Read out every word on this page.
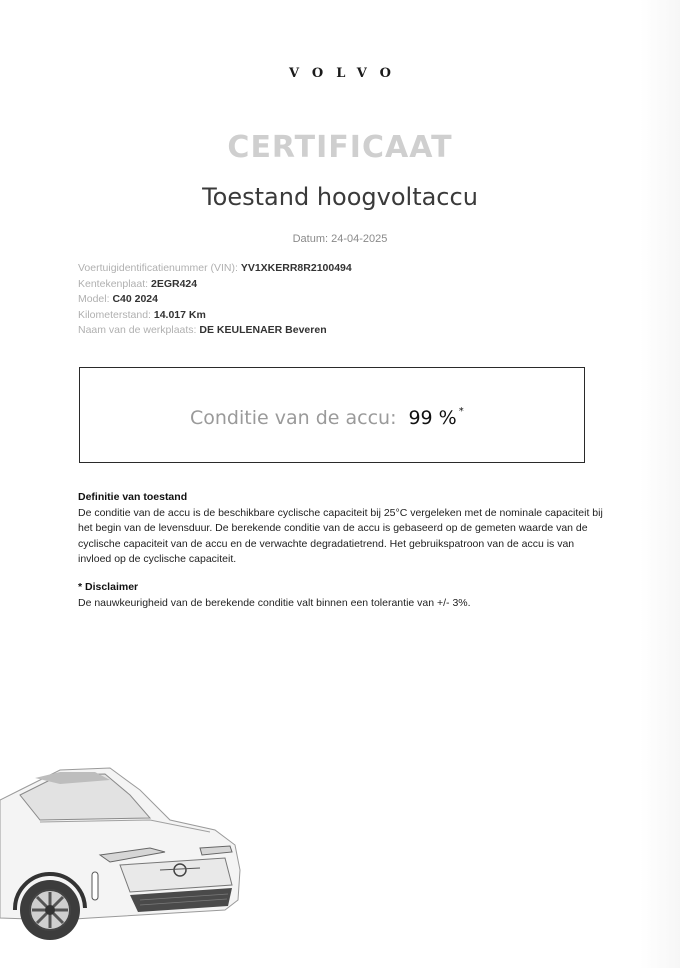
VOLVO
CERTIFICAAT
Toestand hoogvoltaccu
Datum: 24-04-2025
Voertuigidentificatienummer (VIN): YV1XKERR8R2100494
Kentekenplaat: 2EGR424
Model: C40 2024
Kilometerstand: 14.017 Km
Naam van de werkplaats: DE KEULENAER Beveren
Conditie van de accu: 99 % *
Definitie van toestand

De conditie van de accu is de beschikbare cyclische capaciteit bij 25°C vergeleken met de nominale capaciteit bij het begin van de levensduur. De berekende conditie van de accu is gebaseerd op de gemeten waarde van de cyclische capaciteit van de accu en de verwachte degradatietrend. Het gebruikspatroon van de accu is van invloed op de cyclische capaciteit.

* Disclaimer

De nauwkeurigheid van de berekende conditie valt binnen een tolerantie van +/- 3%.
